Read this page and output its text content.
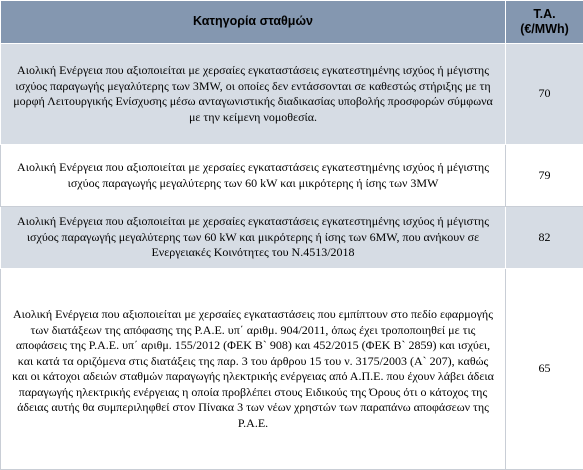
Κατηγορία σταθμών	Τ.Α.
(€/MWh)
Αιολική Ενέργεια που αξιοποιείται με χερσαίες εγκαταστάσεις εγκατεστημένης ισχύος ή μέγιστης ισχύος παραγωγής μεγαλύτερης των 3MW, οι οποίες δεν εντάσσονται σε καθεστώς στήριξης με τη μορφή Λειτουργικής Ενίσχυσης μέσω ανταγωνιστικής διαδικασίας υποβολής προσφορών σύμφωνα με την κείμενη νομοθεσία.	70
Αιολική Ενέργεια που αξιοποιείται με χερσαίες εγκαταστάσεις εγκατεστημένης ισχύος ή μέγιστης ισχύος παραγωγής μεγαλύτερης των 60 kW και μικρότερης ή ίσης των 3MW	79
Αιολική Ενέργεια που αξιοποιείται με χερσαίες εγκαταστάσεις εγκατεστημένης ισχύος ή μέγιστης ισχύος παραγωγής μεγαλύτερης των 60 kW και μικρότερης ή ίσης των 6MW, που ανήκουν σε Ενεργειακές Κοινότητες του Ν.4513/2018	82
Αιολική Ενέργεια που αξιοποιείται με χερσαίες εγκαταστάσεις που εμπίπτουν στο πεδίο εφαρμογής των διατάξεων της απόφασης της Ρ.Α.Ε. υπ΄ αριθμ. 904/2011, όπως έχει τροποποιηθεί με τις αποφάσεις της Ρ.Α.Ε. υπ΄ αριθμ. 155/2012 (ΦΕΚ Β` 908) και 452/2015 (ΦΕΚ Β` 2859) και ισχύει, και κατά τα οριζόμενα στις διατάξεις της παρ. 3 του άρθρου 15 του ν. 3175/2003 (Α` 207), καθώς και οι κάτοχοι αδειών σταθμών παραγωγής ηλεκτρικής ενέργειας από Α.Π.Ε. που έχουν λάβει άδεια παραγωγής ηλεκτρικής ενέργειας η οποία προβλέπει στους Ειδικούς της Όρους ότι ο κάτοχος της άδειας αυτής θα συμπεριληφθεί στον Πίνακα 3 των νέων χρηστών των παραπάνω αποφάσεων της Ρ.Α.Ε.	65
